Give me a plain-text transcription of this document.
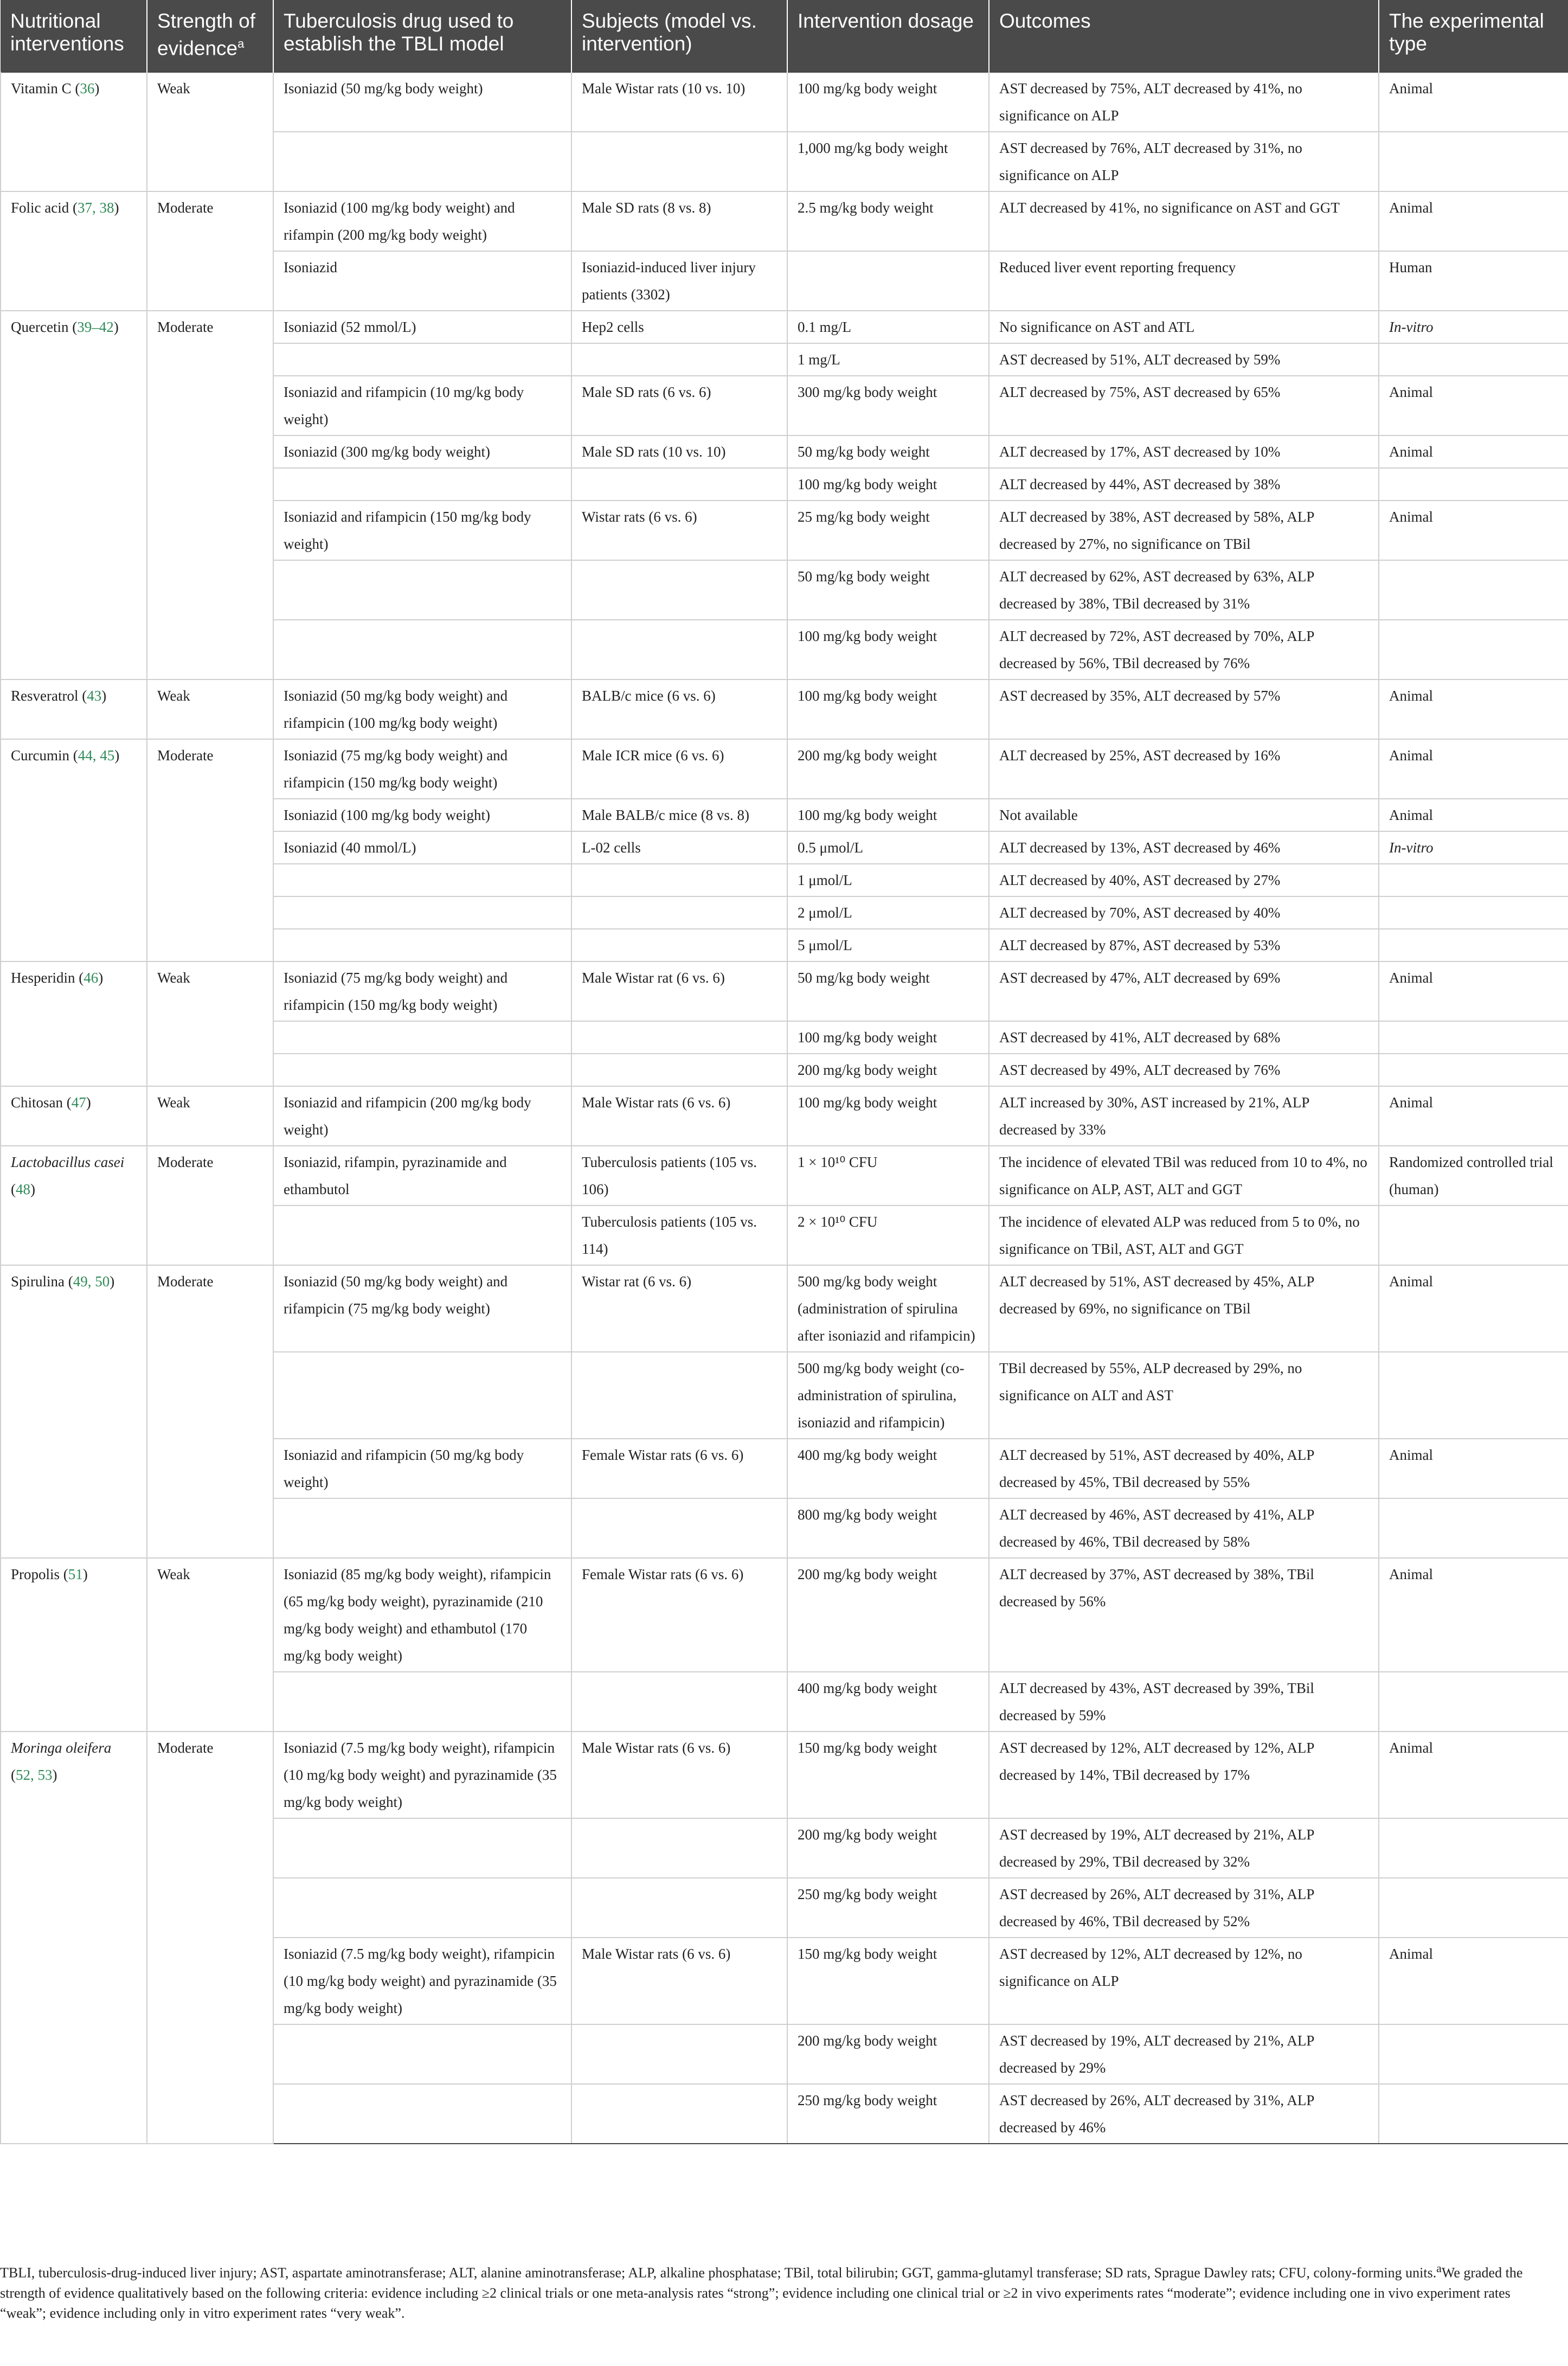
Nutritional interventions	Strength of evidence$^a$	Tuberculosis drug used to establish the TBLI model	Subjects (model vs. intervention)	Intervention dosage	Outcomes	The experimental type
Vitamin C (36)	Weak	Isoniazid (50 mg/kg body weight)	Male Wistar rats (10 vs. 10)	100 mg/kg body weight	AST decreased by 75%, ALT decreased by 41%, no significance on ALP	Animal
				1,000 mg/kg body weight	AST decreased by 76%, ALT decreased by 31%, no significance on ALP	
Folic acid (37, 38)	Moderate	Isoniazid (100 mg/kg body weight) and rifampin (200 mg/kg body weight)	Male SD rats (8 vs. 8)	2.5 mg/kg body weight	ALT decreased by 41%, no significance on AST and GGT	Animal
		Isoniazid	Isoniazid-induced liver injury patients (3302)		Reduced liver event reporting frequency	Human
Quercetin (39–42)	Moderate	Isoniazid (52 mmol/L)	Hep2 cells	0.1 mg/L	No significance on AST and ATL	In-vitro
				1 mg/L	AST decreased by 51%, ALT decreased by 59%	
		Isoniazid and rifampicin (10 mg/kg body weight)	Male SD rats (6 vs. 6)	300 mg/kg body weight	ALT decreased by 75%, AST decreased by 65%	Animal
		Isoniazid (300 mg/kg body weight)	Male SD rats (10 vs. 10)	50 mg/kg body weight	ALT decreased by 17%, AST decreased by 10%	Animal
				100 mg/kg body weight	ALT decreased by 44%, AST decreased by 38%	
		Isoniazid and rifampicin (150 mg/kg body weight)	Wistar rats (6 vs. 6)	25 mg/kg body weight	ALT decreased by 38%, AST decreased by 58%, ALP decreased by 27%, no significance on TBil	Animal
				50 mg/kg body weight	ALT decreased by 62%, AST decreased by 63%, ALP decreased by 38%, TBil decreased by 31%	
				100 mg/kg body weight	ALT decreased by 72%, AST decreased by 70%, ALP decreased by 56%, TBil decreased by 76%	
Resveratrol (43)	Weak	Isoniazid (50 mg/kg body weight) and rifampicin (100 mg/kg body weight)	BALB/c mice (6 vs. 6)	100 mg/kg body weight	AST decreased by 35%, ALT decreased by 57%	Animal
Curcumin (44, 45)	Moderate	Isoniazid (75 mg/kg body weight) and rifampicin (150 mg/kg body weight)	Male ICR mice (6 vs. 6)	200 mg/kg body weight	ALT decreased by 25%, AST decreased by 16%	Animal
		Isoniazid (100 mg/kg body weight)	Male BALB/c mice (8 vs. 8)	100 mg/kg body weight	Not available	Animal
		Isoniazid (40 mmol/L)	L-02 cells	0.5 μmol/L	ALT decreased by 13%, AST decreased by 46%	In-vitro
				1 μmol/L	ALT decreased by 40%, AST decreased by 27%	
				2 μmol/L	ALT decreased by 70%, AST decreased by 40%	
				5 μmol/L	ALT decreased by 87%, AST decreased by 53%	
Hesperidin (46)	Weak	Isoniazid (75 mg/kg body weight) and rifampicin (150 mg/kg body weight)	Male Wistar rat (6 vs. 6)	50 mg/kg body weight	AST decreased by 47%, ALT decreased by 69%	Animal
				100 mg/kg body weight	AST decreased by 41%, ALT decreased by 68%	
				200 mg/kg body weight	AST decreased by 49%, ALT decreased by 76%	
Chitosan (47)	Weak	Isoniazid and rifampicin (200 mg/kg body weight)	Male Wistar rats (6 vs. 6)	100 mg/kg body weight	ALT increased by 30%, AST increased by 21%, ALP decreased by 33%	Animal
Lactobacillus casei (48)	Moderate	Isoniazid, rifampin, pyrazinamide and ethambutol	Tuberculosis patients (105 vs. 106)	1 × 10¹⁰ CFU	The incidence of elevated TBil was reduced from 10 to 4%, no significance on ALP, AST, ALT and GGT	Randomized controlled trial (human)
			Tuberculosis patients (105 vs. 114)	2 × 10¹⁰ CFU	The incidence of elevated ALP was reduced from 5 to 0%, no significance on TBil, AST, ALT and GGT	
Spirulina (49, 50)	Moderate	Isoniazid (50 mg/kg body weight) and rifampicin (75 mg/kg body weight)	Wistar rat (6 vs. 6)	500 mg/kg body weight (administration of spirulina after isoniazid and rifampicin)	ALT decreased by 51%, AST decreased by 45%, ALP decreased by 69%, no significance on TBil	Animal
				500 mg/kg body weight (co-administration of spirulina, isoniazid and rifampicin)	TBil decreased by 55%, ALP decreased by 29%, no significance on ALT and AST	
		Isoniazid and rifampicin (50 mg/kg body weight)	Female Wistar rats (6 vs. 6)	400 mg/kg body weight	ALT decreased by 51%, AST decreased by 40%, ALP decreased by 45%, TBil decreased by 55%	Animal
				800 mg/kg body weight	ALT decreased by 46%, AST decreased by 41%, ALP decreased by 46%, TBil decreased by 58%	
Propolis (51)	Weak	Isoniazid (85 mg/kg body weight), rifampicin (65 mg/kg body weight), pyrazinamide (210 mg/kg body weight) and ethambutol (170 mg/kg body weight)	Female Wistar rats (6 vs. 6)	200 mg/kg body weight	ALT decreased by 37%, AST decreased by 38%, TBil decreased by 56%	Animal
				400 mg/kg body weight	ALT decreased by 43%, AST decreased by 39%, TBil decreased by 59%	
Moringa oleifera (52, 53)	Moderate	Isoniazid (7.5 mg/kg body weight), rifampicin (10 mg/kg body weight) and pyrazinamide (35 mg/kg body weight)	Male Wistar rats (6 vs. 6)	150 mg/kg body weight	AST decreased by 12%, ALT decreased by 12%, ALP decreased by 14%, TBil decreased by 17%	Animal
				200 mg/kg body weight	AST decreased by 19%, ALT decreased by 21%, ALP decreased by 29%, TBil decreased by 32%	
				250 mg/kg body weight	AST decreased by 26%, ALT decreased by 31%, ALP decreased by 46%, TBil decreased by 52%	
		Isoniazid (7.5 mg/kg body weight), rifampicin (10 mg/kg body weight) and pyrazinamide (35 mg/kg body weight)	Male Wistar rats (6 vs. 6)	150 mg/kg body weight	AST decreased by 12%, ALT decreased by 12%, no significance on ALP	Animal
				200 mg/kg body weight	AST decreased by 19%, ALT decreased by 21%, ALP decreased by 29%	
				250 mg/kg body weight	AST decreased by 26%, ALT decreased by 31%, ALP decreased by 46%	

TBLI, tuberculosis-drug-induced liver injury; AST, aspartate aminotransferase; ALT, alanine aminotransferase; ALP, alkaline phosphatase; TBil, total bilirubin; GGT, gamma-glutamyl transferase; SD rats, Sprague Dawley rats; CFU, colony-forming units.$^a$We graded the strength of evidence qualitatively based on the following criteria: evidence including ≥2 clinical trials or one meta-analysis rates “strong”; evidence including one clinical trial or ≥2 in vivo experiments rates “moderate”; evidence including one in vivo experiment rates “weak”; evidence including only in vitro experiment rates “very weak”.
